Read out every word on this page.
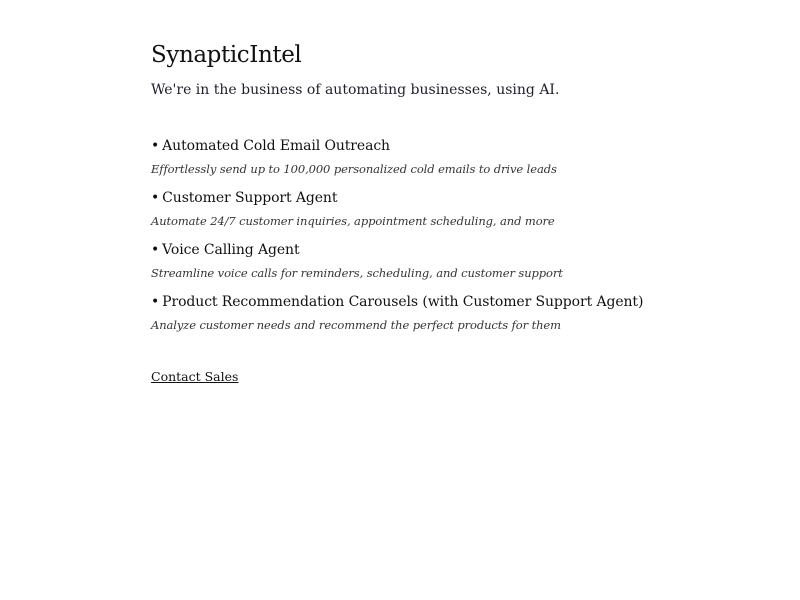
SynapticIntel

We're in the business of automating businesses, using AI.

• Automated Cold Email Outreach
Effortlessly send up to 100,000 personalized cold emails to drive leads
• Customer Support Agent
Automate 24/7 customer inquiries, appointment scheduling, and more
• Voice Calling Agent
Streamline voice calls for reminders, scheduling, and customer support
• Product Recommendation Carousels (with Customer Support Agent)
Analyze customer needs and recommend the perfect products for them
Contact Sales
